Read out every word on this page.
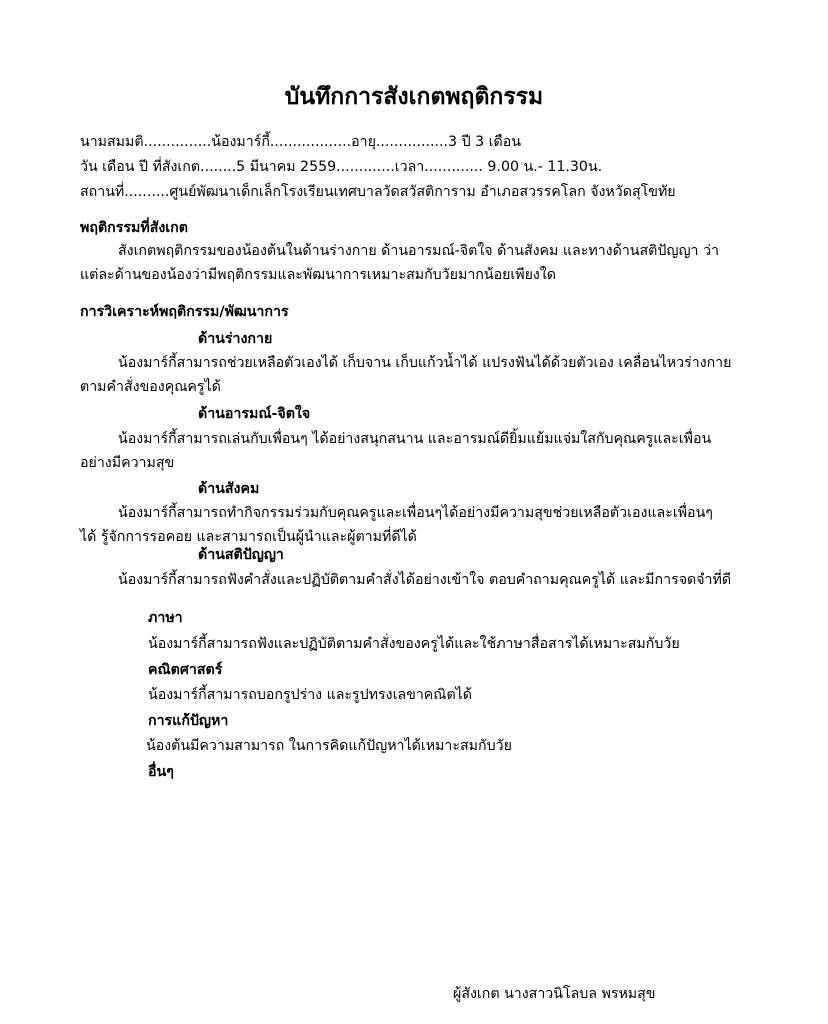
บันทึกการสังเกตพฤติกรรม
นามสมมติ...............น้องมาร์กี้..................อายุ................3 ปี 3 เดือน
วัน เดือน ปี ที่สังเกต........5 มีนาคม 2559.............เวลา............. 9.00 น.- 11.30น.
สถานที่..........ศูนย์พัฒนาเด็กเล็กโรงเรียนเทศบาลวัดสวัสติการาม อำเภอสวรรคโลก จังหวัดสุโขทัย
พฤติกรรมที่สังเกต
สังเกตพฤติกรรมของน้องต้นในด้านร่างกาย ด้านอารมณ์-จิตใจ ด้านสังคม และทางด้านสติปัญญา ว่า
แต่ละด้านของน้องว่ามีพฤติกรรมและพัฒนาการเหมาะสมกับวัยมากน้อยเพียงใด
การวิเคราะห์พฤติกรรม/พัฒนาการ
ด้านร่างกาย
น้องมาร์กี้สามารถช่วยเหลือตัวเองได้ เก็บจาน เก็บแก้วน้ำได้ แปรงฟันได้ด้วยตัวเอง เคลื่อนไหวร่างกาย
ตามคำสั่งของคุณครูได้
ด้านอารมณ์-จิตใจ
น้องมาร์กี้สามารถเล่นกับเพื่อนๆ ได้อย่างสนุกสนาน และอารมณ์ดียิ้มแย้มแจ่มใสกับคุณครูและเพื่อน
อย่างมีความสุข
ด้านสังคม
น้องมาร์กี้สามารถทำกิจกรรมร่วมกับคุณครูและเพื่อนๆได้อย่างมีความสุขช่วยเหลือตัวเองและเพื่อนๆ
ได้ รู้จักการรอคอย และสามารถเป็นผู้นำและผู้ตามที่ดีได้
ด้านสติปัญญา
น้องมาร์กี้สามารถฟังคำสั่งและปฏิบัติตามคำสั่งได้อย่างเข้าใจ ตอบคำถามคุณครูได้ และมีการจดจำที่ดี
ภาษา
น้องมาร์กี้สามารถฟังและปฏิบัติตามคำสั่งของครูได้และใช้ภาษาสื่อสารได้เหมาะสมกับวัย
คณิตศาสตร์
น้องมาร์กี้สามารถบอกรูปร่าง และรูปทรงเลขาคณิตได้
การแก้ปัญหา
น้องต้นมีความสามารถ ในการคิดแก้ปัญหาได้เหมาะสมกับวัย
อื่นๆ
ผู้สังเกต นางสาวนิโลบล พรหมสุข
